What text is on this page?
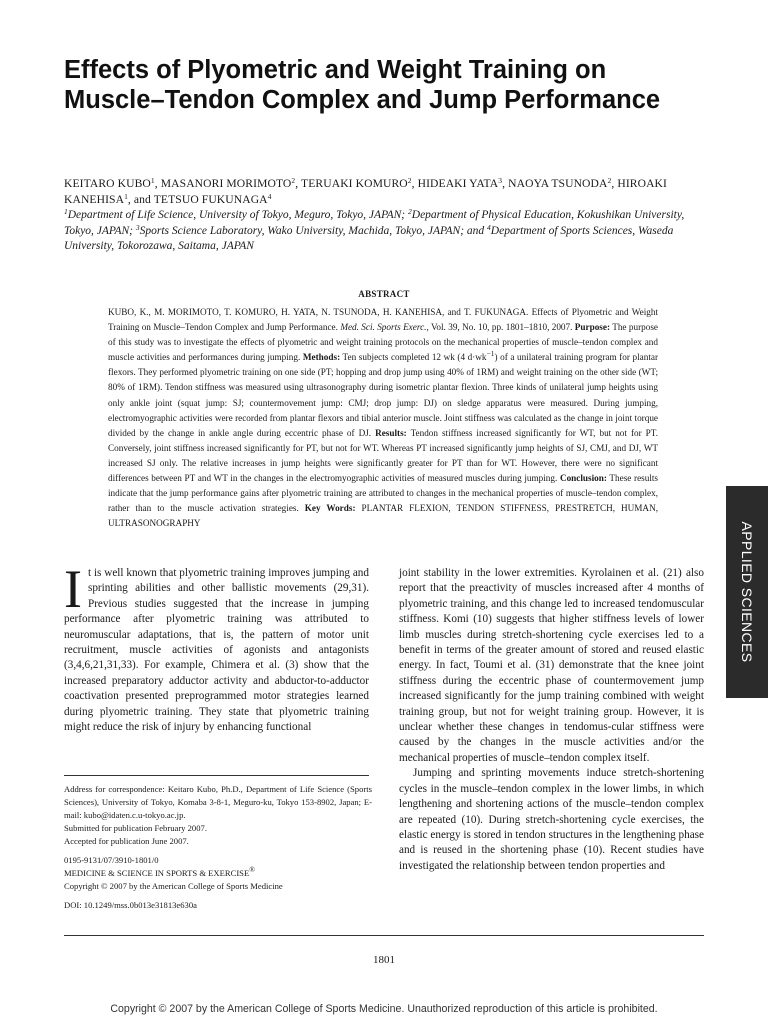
Effects of Plyometric and Weight Training on Muscle–Tendon Complex and Jump Performance
KEITARO KUBO$^1$, MASANORI MORIMOTO$^2$, TERUAKI KOMURO$^2$, HIDEAKI YATA$^3$, NAOYA TSUNODA$^2$, HIROAKI KANEHISA$^1$, and TETSUO FUKUNAGA$^4$
$^1$Department of Life Science, University of Tokyo, Meguro, Tokyo, JAPAN; $^2$Department of Physical Education, Kokushikan University, Tokyo, JAPAN; $^3$Sports Science Laboratory, Wako University, Machida, Tokyo, JAPAN; and $^4$Department of Sports Sciences, Waseda University, Tokorozawa, Saitama, JAPAN
ABSTRACT
KUBO, K., M. MORIMOTO, T. KOMURO, H. YATA, N. TSUNODA, H. KANEHISA, and T. FUKUNAGA. Effects of Plyometric and Weight Training on Muscle–Tendon Complex and Jump Performance. Med. Sci. Sports Exerc., Vol. 39, No. 10, pp. 1801–1810, 2007. Purpose: The purpose of this study was to investigate the effects of plyometric and weight training protocols on the mechanical properties of muscle–tendon complex and muscle activities and performances during jumping. Methods: Ten subjects completed 12 wk (4 $d\cdot wk^{-1}$) of a unilateral training program for plantar flexors. They performed plyometric training on one side (PT; hopping and drop jump using 40% of 1RM) and weight training on the other side (WT; 80% of 1RM). Tendon stiffness was measured using ultrasonography during isometric plantar flexion. Three kinds of unilateral jump heights using only ankle joint (squat jump: SJ; countermovement jump: CMJ; drop jump: DJ) on sledge apparatus were measured. During jumping, electromyographic activities were recorded from plantar flexors and tibial anterior muscle. Joint stiffness was calculated as the change in joint torque divided by the change in ankle angle during eccentric phase of DJ. Results: Tendon stiffness increased significantly for WT, but not for PT. Conversely, joint stiffness increased significantly for PT, but not for WT. Whereas PT increased significantly jump heights of SJ, CMJ, and DJ, WT increased SJ only. The relative increases in jump heights were significantly greater for PT than for WT. However, there were no significant differences between PT and WT in the changes in the electromyographic activities of measured muscles during jumping. Conclusion: These results indicate that the jump performance gains after plyometric training are attributed to changes in the mechanical properties of muscle–tendon complex, rather than to the muscle activation strategies. Key Words: PLANTAR FLEXION, TENDON STIFFNESS, PRESTRETCH, HUMAN, ULTRASONOGRAPHY	APPLIED SCIENCES

It is well known that plyometric training improves jumping and sprinting abilities and other ballistic movements (29,31). Previous studies suggested that the increase in jumping performance after plyometric training was attributed to neuromuscular adaptations, that is, the pattern of motor unit recruitment, muscle activities of agonists and antagonists (3,4,6,21,31,33). For example, Chimera et al. (3) show that the increased preparatory adductor activity and abductor-to-adductor coactivation presented preprogrammed motor strategies learned during plyometric training. They state that plyometric training might reduce the risk of injury by enhancing functional

Address for correspondence: Keitaro Kubo, Ph.D., Department of Life Science (Sports Sciences), University of Tokyo, Komaba 3-8-1, Meguro-ku, Tokyo 153-8902, Japan; E-mail: kubo@idaten.c.u-tokyo.ac.jp.

Submitted for publication February 2007.

Accepted for publication June 2007.

0195-9131/07/3910-1801/0

MEDICINE & SCIENCE IN SPORTS & EXERCISE®

Copyright © 2007 by the American College of Sports Medicine

DOI: 10.1249/mss.0b013e31813e630a

joint stability in the lower extremities. Kyrolainen et al. (21) also report that the preactivity of muscles increased after 4 months of plyometric training, and this change led to increased tendomuscular stiffness. Komi (10) suggests that higher stiffness levels of lower limb muscles during stretch-shortening cycle exercises led to a benefit in terms of the greater amount of stored and reused elastic energy. In fact, Toumi et al. (31) demonstrate that the knee joint stiffness during the eccentric phase of countermovement jump increased significantly for the jump training combined with weight training group, but not for weight training group. However, it is unclear whether these changes in tendomus-cular stiffness were caused by the changes in the muscle activities and/or the mechanical properties of muscle–tendon complex itself.

Jumping and sprinting movements induce stretch-shortening cycles in the muscle–tendon complex in the lower limbs, in which lengthening and shortening actions of the muscle–tendon complex are repeated (10). During stretch-shortening cycle exercises, the elastic energy is stored in tendon structures in the lengthening phase and is reused in the shortening phase (10). Recent studies have investigated the relationship between tendon properties and

1801
Copyright © 2007 by the American College of Sports Medicine. Unauthorized reproduction of this article is prohibited.
